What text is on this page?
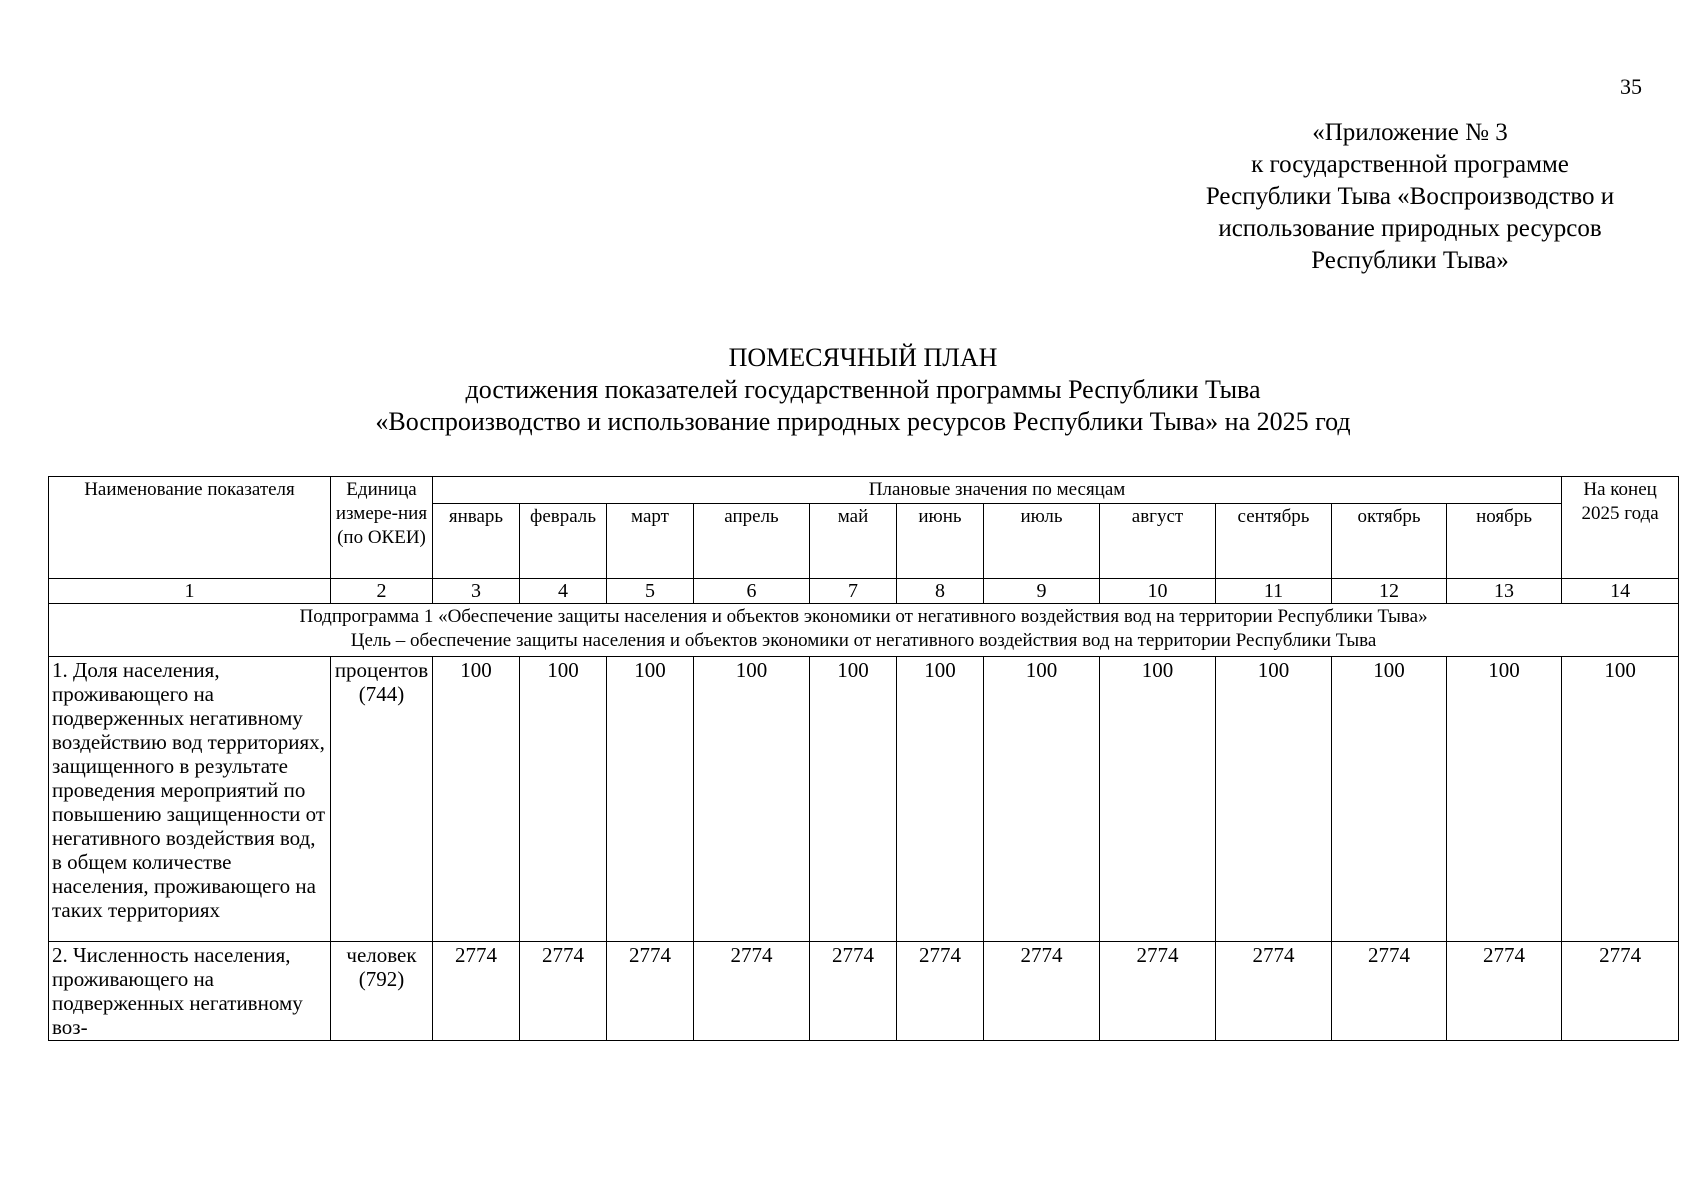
35
«Приложение № 3
к государственной программе
Республики Тыва «Воспроизводство и
использование природных ресурсов
Республики Тыва»
ПОМЕСЯЧНЫЙ ПЛАН
достижения показателей государственной программы Республики Тыва
«Воспроизводство и использование природных ресурсов Республики Тыва» на 2025 год
Наименование показателя	Единица измере-ния (по ОКЕИ)	Плановые значения по месяцам											На конец 2025 года
		январь	февраль	март	апрель	май	июнь	июль	август	сентябрь	октябрь	ноябрь	
1	2	3	4	5	6	7	8	9	10	11	12	13	14

Подпрограмма 1 «Обеспечение защиты населения и объектов экономики от негативного воздействия вод на территории Республики Тыва»
Цель – обеспечение защиты населения и объектов экономики от негативного воздействия вод на территории Республики Тыва													

1. Доля населения, проживающего на подверженных негативному воздействию вод территориях, защищенного в результате проведения мероприятий по повышению защищенности от негативного воздействия вод, в общем количестве населения, проживающего на таких территориях	процентов (744)	100	100	100	100	100	100	100	100	100	100	100	100
2. Численность населения, проживающего на подверженных негативному воз-	человек (792)	2774	2774	2774	2774	2774	2774	2774	2774	2774	2774	2774	2774
